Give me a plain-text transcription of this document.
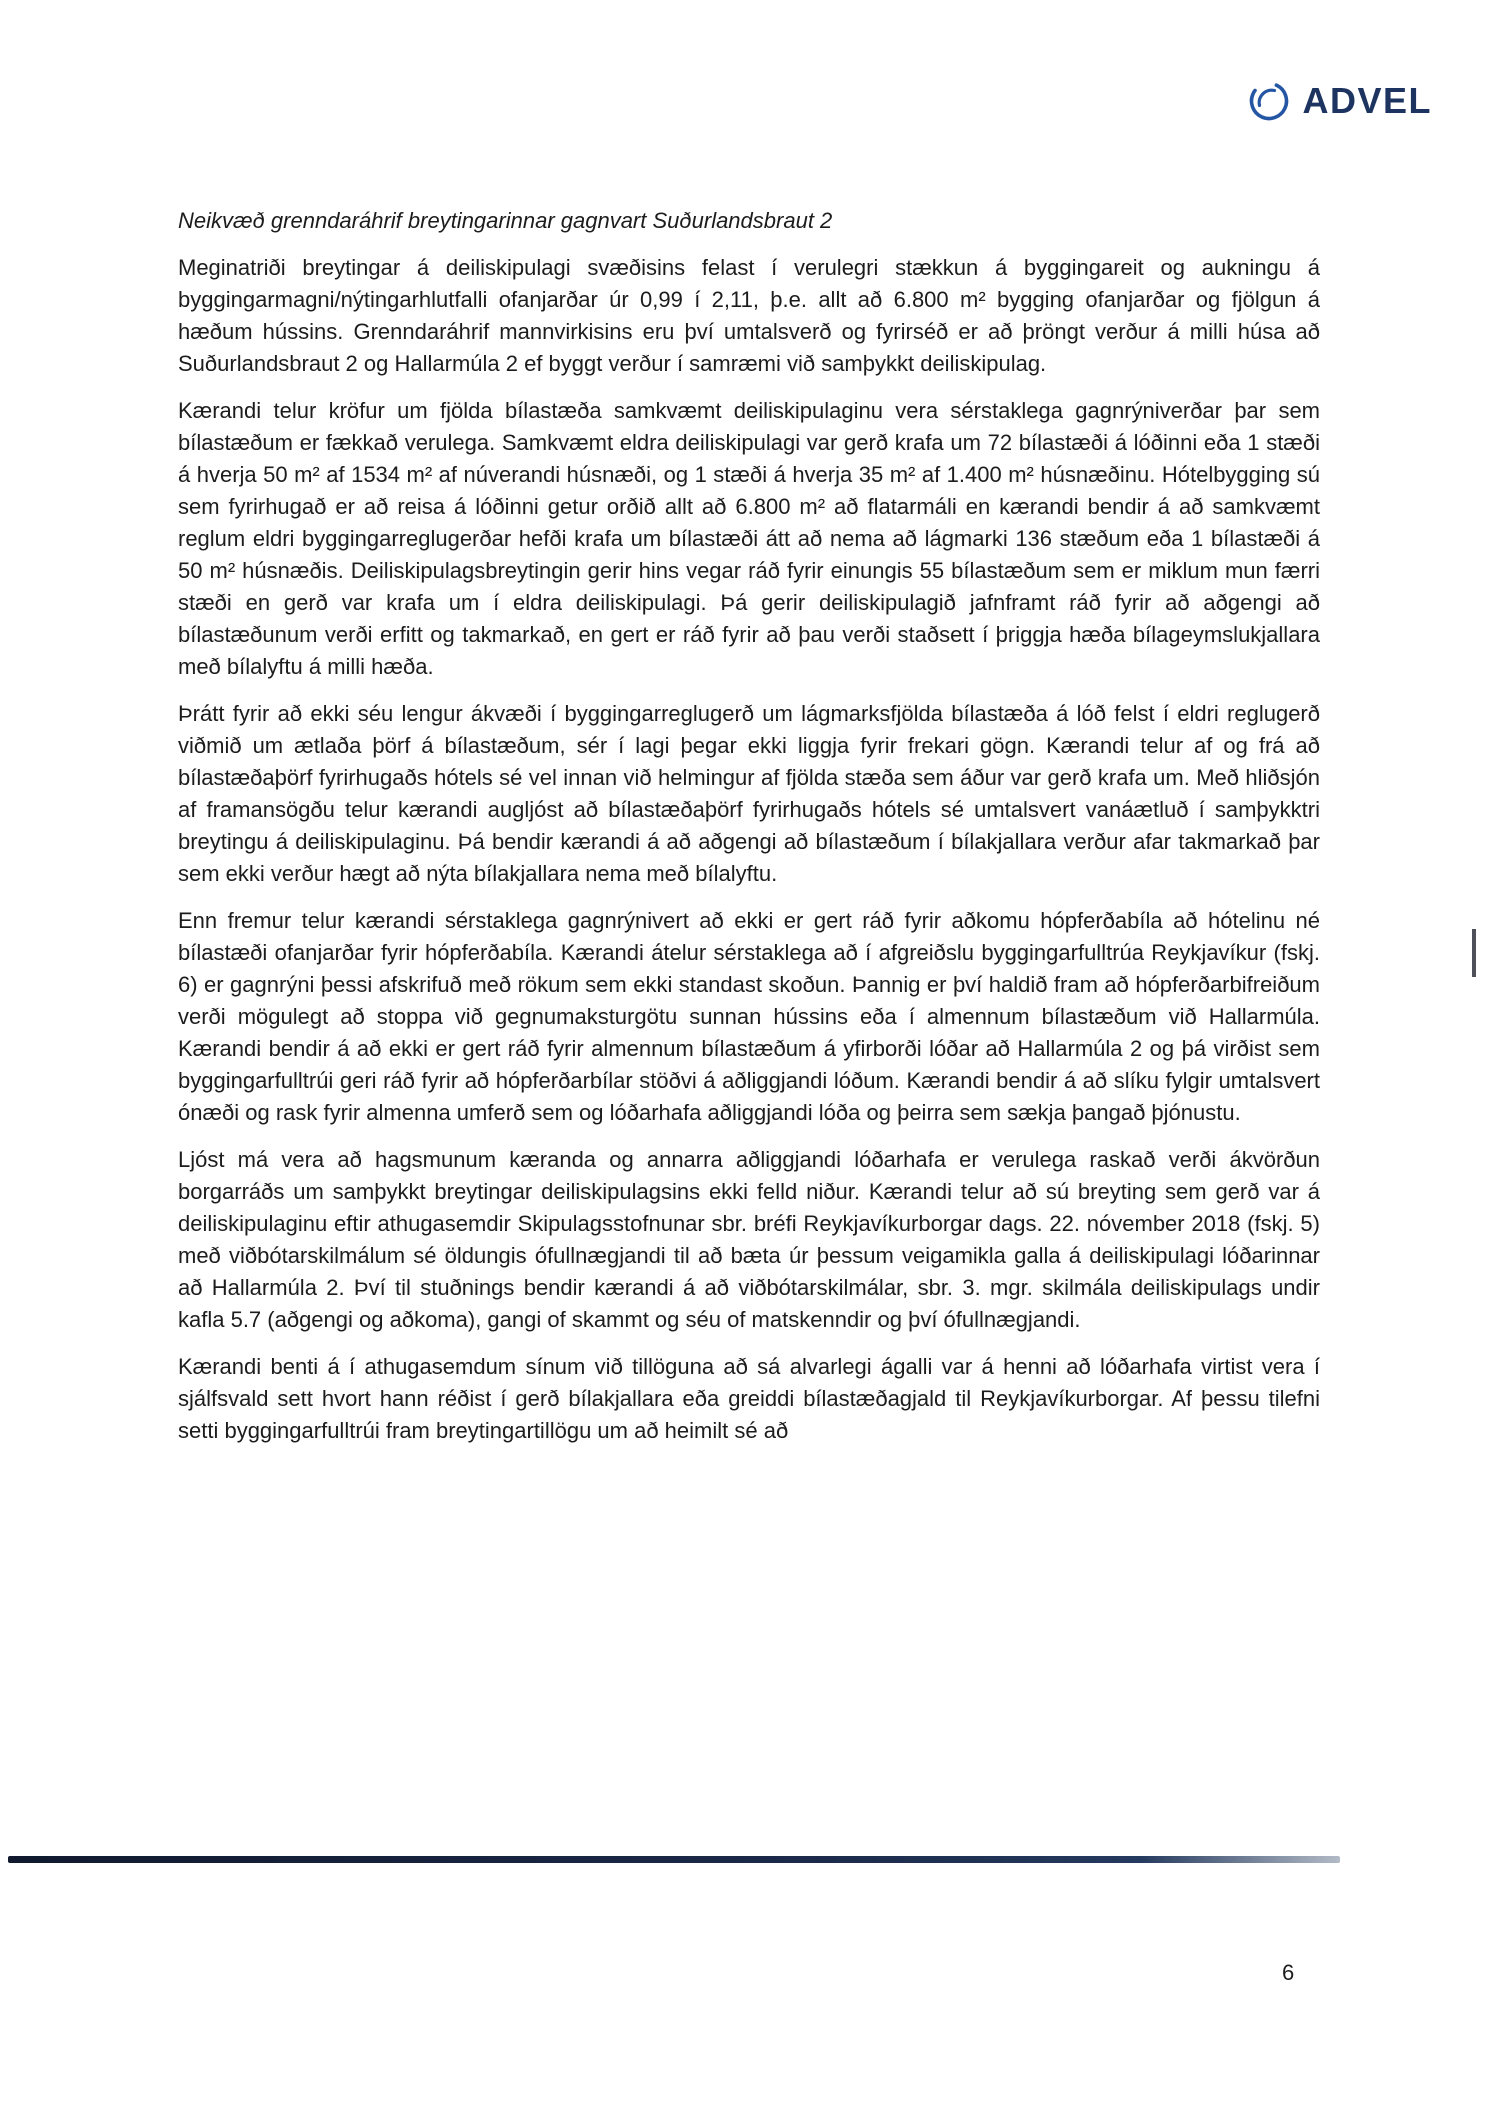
ADVEL
Neikvæð grenndaráhrif breytingarinnar gagnvart Suðurlandsbraut 2

Meginatriði breytingar á deiliskipulagi svæðisins felast í verulegri stækkun á byggingareit og aukningu á byggingarmagni/nýtingarhlutfalli ofanjarðar úr 0,99 í 2,11, þ.e. allt að 6.800 m² bygging ofanjarðar og fjölgun á hæðum hússins. Grenndaráhrif mannvirkisins eru því umtalsverð og fyrirséð er að þröngt verður á milli húsa að Suðurlandsbraut 2 og Hallarmúla 2 ef byggt verður í samræmi við samþykkt deiliskipulag.

Kærandi telur kröfur um fjölda bílastæða samkvæmt deiliskipulaginu vera sérstaklega gagnrýniverðar þar sem bílastæðum er fækkað verulega. Samkvæmt eldra deiliskipulagi var gerð krafa um 72 bílastæði á lóðinni eða 1 stæði á hverja 50 m² af 1534 m² af núverandi húsnæði, og 1 stæði á hverja 35 m² af 1.400 m² húsnæðinu. Hótelbygging sú sem fyrirhugað er að reisa á lóðinni getur orðið allt að 6.800 m² að flatarmáli en kærandi bendir á að samkvæmt reglum eldri byggingarreglugerðar hefði krafa um bílastæði átt að nema að lágmarki 136 stæðum eða 1 bílastæði á 50 m² húsnæðis. Deiliskipulagsbreytingin gerir hins vegar ráð fyrir einungis 55 bílastæðum sem er miklum mun færri stæði en gerð var krafa um í eldra deiliskipulagi. Þá gerir deiliskipulagið jafnframt ráð fyrir að aðgengi að bílastæðunum verði erfitt og takmarkað, en gert er ráð fyrir að þau verði staðsett í þriggja hæða bílageymslukjallara með bílalyftu á milli hæða.

Þrátt fyrir að ekki séu lengur ákvæði í byggingarreglugerð um lágmarksfjölda bílastæða á lóð felst í eldri reglugerð viðmið um ætlaða þörf á bílastæðum, sér í lagi þegar ekki liggja fyrir frekari gögn. Kærandi telur af og frá að bílastæðaþörf fyrirhugaðs hótels sé vel innan við helmingur af fjölda stæða sem áður var gerð krafa um. Með hliðsjón af framansögðu telur kærandi augljóst að bílastæðaþörf fyrirhugaðs hótels sé umtalsvert vanáætluð í samþykktri breytingu á deiliskipulaginu. Þá bendir kærandi á að aðgengi að bílastæðum í bílakjallara verður afar takmarkað þar sem ekki verður hægt að nýta bílakjallara nema með bílalyftu.

Enn fremur telur kærandi sérstaklega gagnrýnivert að ekki er gert ráð fyrir aðkomu hópferðabíla að hótelinu né bílastæði ofanjarðar fyrir hópferðabíla. Kærandi átelur sérstaklega að í afgreiðslu byggingarfulltrúa Reykjavíkur (fskj. 6) er gagnrýni þessi afskrifuð með rökum sem ekki standast skoðun. Þannig er því haldið fram að hópferðarbifreiðum verði mögulegt að stoppa við gegnumaksturgötu sunnan hússins eða í almennum bílastæðum við Hallarmúla. Kærandi bendir á að ekki er gert ráð fyrir almennum bílastæðum á yfirborði lóðar að Hallarmúla 2 og þá virðist sem byggingarfulltrúi geri ráð fyrir að hópferðarbílar stöðvi á aðliggjandi lóðum. Kærandi bendir á að slíku fylgir umtalsvert ónæði og rask fyrir almenna umferð sem og lóðarhafa aðliggjandi lóða og þeirra sem sækja þangað þjónustu.

Ljóst má vera að hagsmunum kæranda og annarra aðliggjandi lóðarhafa er verulega raskað verði ákvörðun borgarráðs um samþykkt breytingar deiliskipulagsins ekki felld niður. Kærandi telur að sú breyting sem gerð var á deiliskipulaginu eftir athugasemdir Skipulagsstofnunar sbr. bréfi Reykjavíkurborgar dags. 22. nóvember 2018 (fskj. 5) með viðbótarskilmálum sé öldungis ófullnægjandi til að bæta úr þessum veigamikla galla á deiliskipulagi lóðarinnar að Hallarmúla 2. Því til stuðnings bendir kærandi á að viðbótarskilmálar, sbr. 3. mgr. skilmála deiliskipulags undir kafla 5.7 (aðgengi og aðkoma), gangi of skammt og séu of matskenndir og því ófullnægjandi.

Kærandi benti á í athugasemdum sínum við tillöguna að sá alvarlegi ágalli var á henni að lóðarhafa virtist vera í sjálfsvald sett hvort hann réðist í gerð bílakjallara eða greiddi bílastæðagjald til Reykjavíkurborgar. Af þessu tilefni setti byggingarfulltrúi fram breytingartillögu um að heimilt sé að

6
